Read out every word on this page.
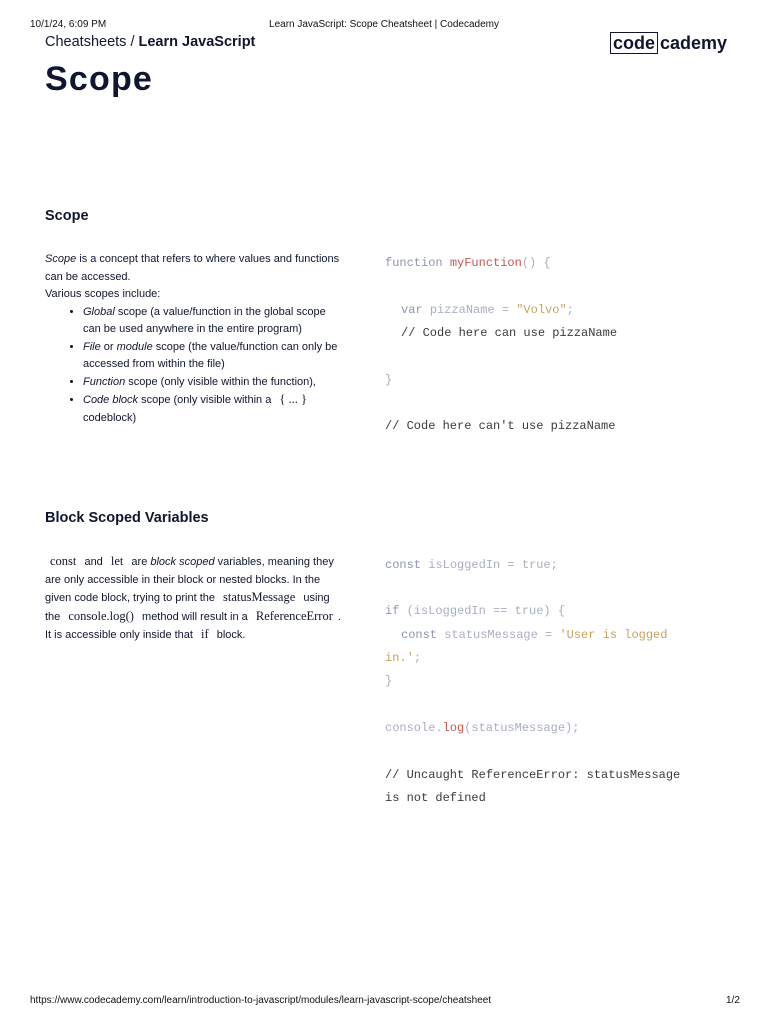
10/1/24, 6:09 PM	Learn JavaScript: Scope Cheatsheet | Codecademy
Cheatsheets / Learn JavaScript	code cademy
Scope
Scope

Scope is a concept that refers to where values and functions can be accessed.

Various scopes include:

• Global scope (a value/function in the global scope can be used anywhere in the entire program)
• File or module scope (the value/function can only be accessed from within the file)
• Function scope (only visible within the function),
• Code block scope (only visible within a { ... } codeblock)
function myFunction() {
var pizzaName = "Volvo";
// Code here can use pizzaName
}
// Code here can't use pizzaName
Block Scoped Variables

const and let are block scoped variables, meaning they are only accessible in their block or nested blocks. In the given code block, trying to print the statusMessage using the console.log() method will result in a ReferenceError . It is accessible only inside that if block.

const isLoggedIn = true;
if (isLoggedIn == true) {
const statusMessage = 'User is logged
in.';
}
console.log(statusMessage);
// Uncaught ReferenceError: statusMessage
is not defined
https://www.codecademy.com/learn/introduction-to-javascript/modules/learn-javascript-scope/cheatsheet	1/2
